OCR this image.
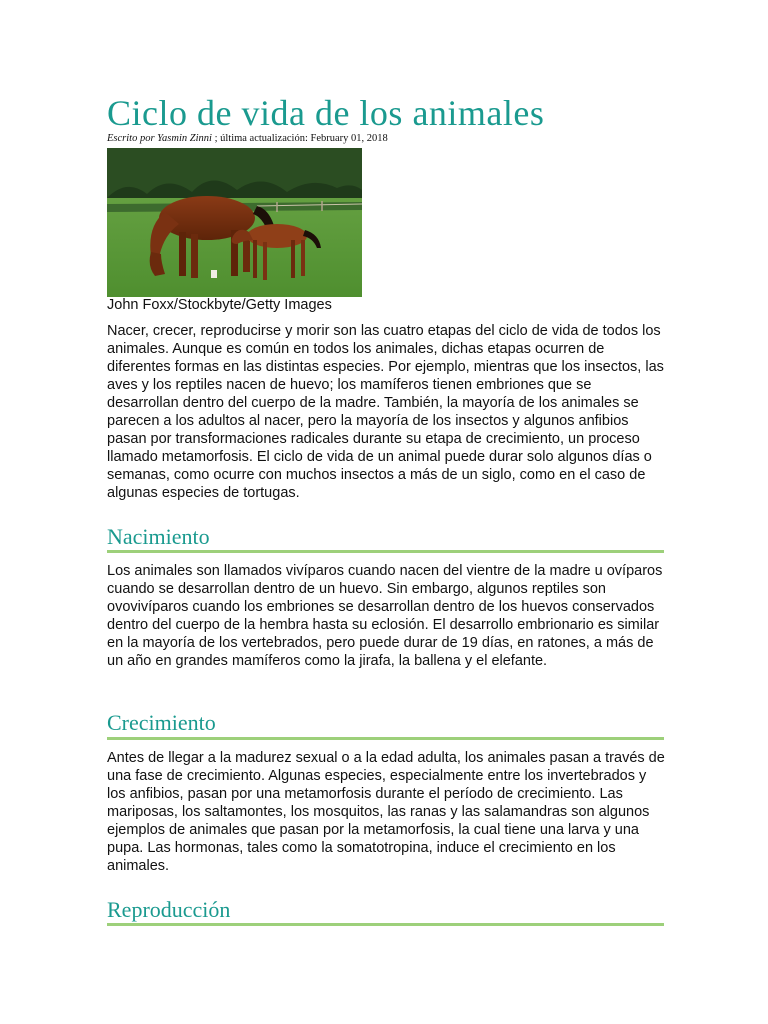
Ciclo de vida de los animales
Escrito por Yasmin Zinni ; última actualización: February 01, 2018
John Foxx/Stockbyte/Getty Images

Nacer, crecer, reproducirse y morir son las cuatro etapas del ciclo de vida de todos los animales. Aunque es común en todos los animales, dichas etapas ocurren de diferentes formas en las distintas especies. Por ejemplo, mientras que los insectos, las aves y los reptiles nacen de huevo; los mamíferos tienen embriones que se desarrollan dentro del cuerpo de la madre. También, la mayoría de los animales se parecen a los adultos al nacer, pero la mayoría de los insectos y algunos anfibios pasan por transformaciones radicales durante su etapa de crecimiento, un proceso llamado metamorfosis. El ciclo de vida de un animal puede durar solo algunos días o semanas, como ocurre con muchos insectos a más de un siglo, como en el caso de algunas especies de tortugas.

Nacimiento

Los animales son llamados vivíparos cuando nacen del vientre de la madre u ovíparos cuando se desarrollan dentro de un huevo. Sin embargo, algunos reptiles son ovovivíparos cuando los embriones se desarrollan dentro de los huevos conservados dentro del cuerpo de la hembra hasta su eclosión. El desarrollo embrionario es similar en la mayoría de los vertebrados, pero puede durar de 19 días, en ratones, a más de un año en grandes mamíferos como la jirafa, la ballena y el elefante.

Crecimiento

Antes de llegar a la madurez sexual o a la edad adulta, los animales pasan a través de una fase de crecimiento. Algunas especies, especialmente entre los invertebrados y los anfibios, pasan por una metamorfosis durante el período de crecimiento. Las mariposas, los saltamontes, los mosquitos, las ranas y las salamandras son algunos ejemplos de animales que pasan por la metamorfosis, la cual tiene una larva y una pupa. Las hormonas, tales como la somatotropina, induce el crecimiento en los animales.

Reproducción
